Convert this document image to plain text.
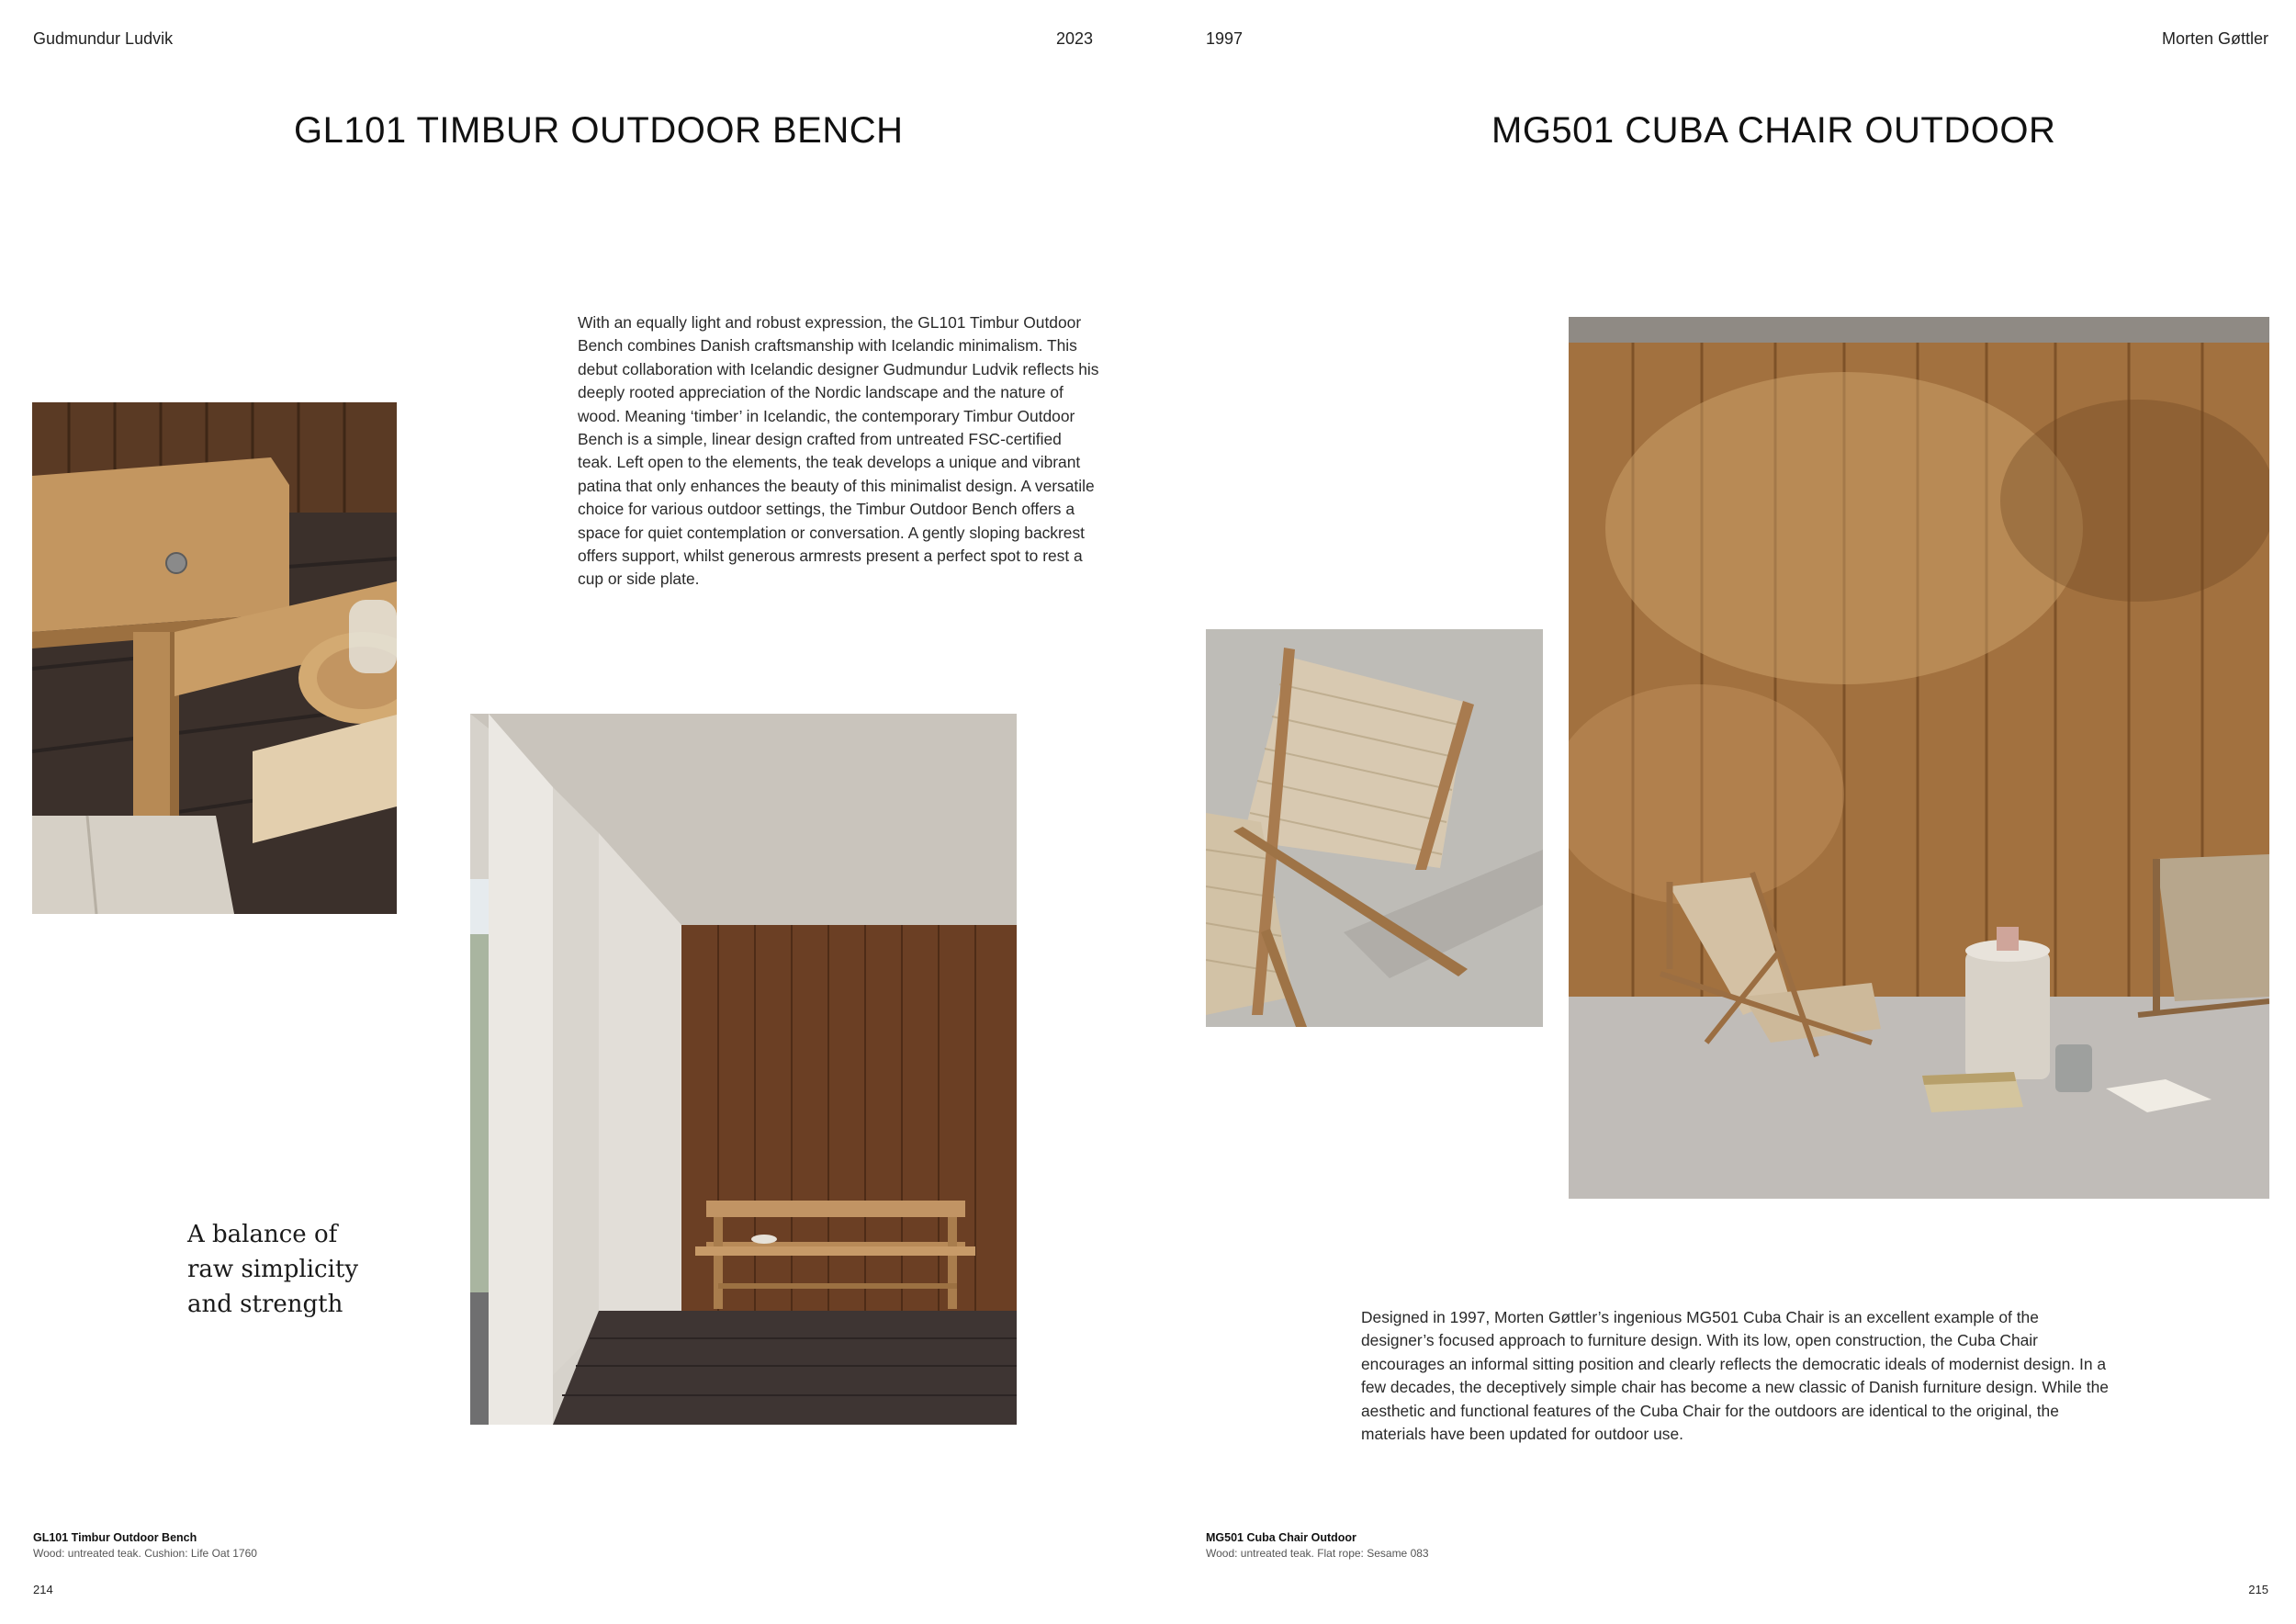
Gudmundur Ludvik	2023
GL101 TIMBUR OUTDOOR BENCH
With an equally light and robust expression, the GL101 Timbur Outdoor Bench combines Danish craftsmanship with Icelandic minimalism. This debut collaboration with Icelandic designer Gudmundur Ludvik reflects his deeply rooted appreciation of the Nordic landscape and the nature of wood. Meaning ‘timber’ in Icelandic, the contemporary Timbur Outdoor Bench is a simple, linear design crafted from untreated FSC-certified teak. Left open to the elements, the teak develops a unique and vibrant patina that only enhances the beauty of this minimalist design. A versatile choice for various outdoor settings, the Timbur Outdoor Bench offers a space for quiet contemplation or conversation. A gently sloping backrest offers support, whilst generous armrests present a perfect spot to rest a cup or side plate.
A balance of
raw simplicity
and strength
GL101 Timbur Outdoor Bench
Wood: untreated teak. Cushion: Life Oat 1760
214
1997	Morten Gøttler
MG501 CUBA CHAIR OUTDOOR
Designed in 1997, Morten Gøttler’s ingenious MG501 Cuba Chair is an excellent example of the designer’s focused approach to furniture design. With its low, open construction, the Cuba Chair encourages an informal sitting position and clearly reflects the democratic ideals of modernist design. In a few decades, the deceptively simple chair has become a new classic of Danish furniture design. While the aesthetic and functional features of the Cuba Chair for the outdoors are identical to the original, the materials have been updated for outdoor use.
MG501 Cuba Chair Outdoor
Wood: untreated teak. Flat rope: Sesame 083
215
